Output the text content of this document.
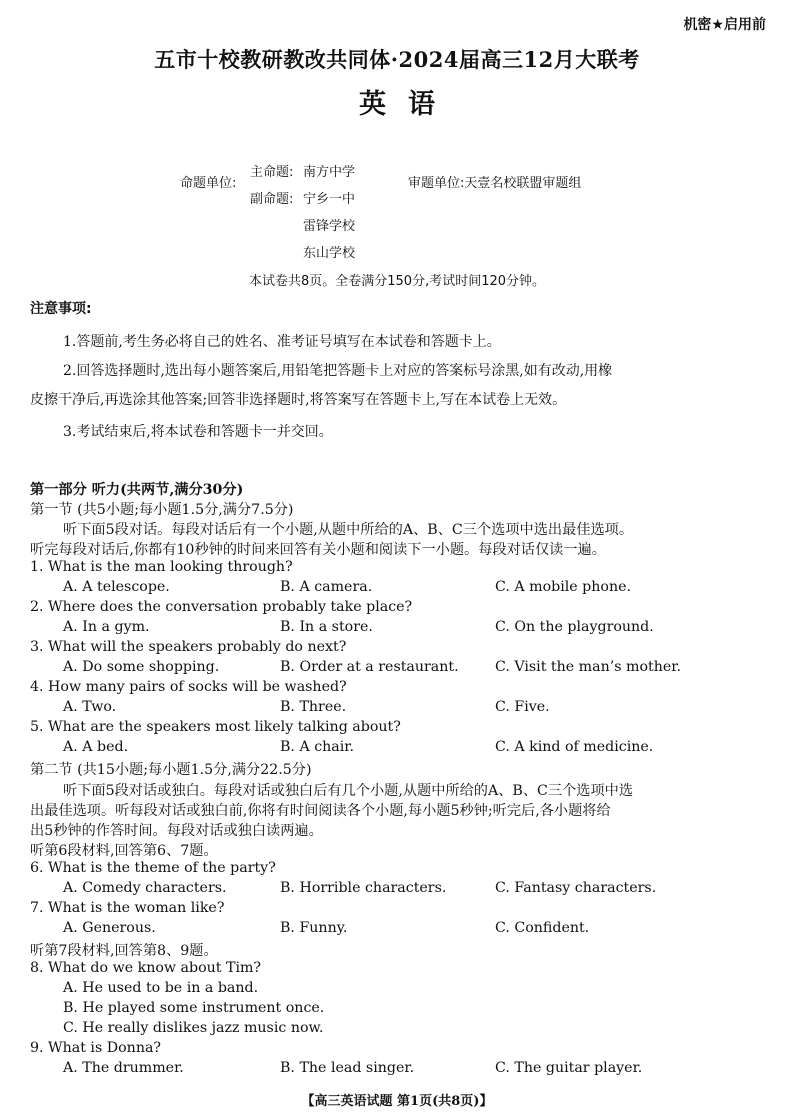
机密★启用前
五市十校教研教改共同体·2024届高三12月大联考
英语
命题单位:
主命题: 南方中学
副命题: 宁乡一中
雷锋学校
东山学校
审题单位:天壹名校联盟审题组
本试卷共8页。全卷满分150分,考试时间120分钟。
注意事项:
1.答题前,考生务必将自己的姓名、准考证号填写在本试卷和答题卡上。
2.回答选择题时,选出每小题答案后,用铅笔把答题卡上对应的答案标号涂黑,如有改动,用橡
皮擦干净后,再选涂其他答案;回答非选择题时,将答案写在答题卡上,写在本试卷上无效。
3.考试结束后,将本试卷和答题卡一并交回。
第一部分 听力(共两节,满分30分)
第一节 (共5小题;每小题1.5分,满分7.5分)
听下面5段对话。每段对话后有一个小题,从题中所给的A、B、C三个选项中选出最佳选项。
听完每段对话后,你都有10秒钟的时间来回答有关小题和阅读下一小题。每段对话仅读一遍。
1. What is the man looking through?
A. A telescope.	B. A camera.	C. A mobile phone.
2. Where does the conversation probably take place?
A. In a gym.	B. In a store.	C. On the playground.
3. What will the speakers probably do next?
A. Do some shopping.	B. Order at a restaurant.	C. Visit the man’s mother.
4. How many pairs of socks will be washed?
A. Two.	B. Three.	C. Five.
5. What are the speakers most likely talking about?
A. A bed.	B. A chair.	C. A kind of medicine.
第二节 (共15小题;每小题1.5分,满分22.5分)
听下面5段对话或独白。每段对话或独白后有几个小题,从题中所给的A、B、C三个选项中选
出最佳选项。听每段对话或独白前,你将有时间阅读各个小题,每小题5秒钟;听完后,各小题将给
出5秒钟的作答时间。每段对话或独白读两遍。
听第6段材料,回答第6、7题。
6. What is the theme of the party?
A. Comedy characters.	B. Horrible characters.	C. Fantasy characters.
7. What is the woman like?
A. Generous.	B. Funny.	C. Confident.
听第7段材料,回答第8、9题。
8. What do we know about Tim?
A. He used to be in a band.
B. He played some instrument once.
C. He really dislikes jazz music now.
9. What is Donna?
A. The drummer.	B. The lead singer.	C. The guitar player.
【高三英语试题 第1页(共8页)】
